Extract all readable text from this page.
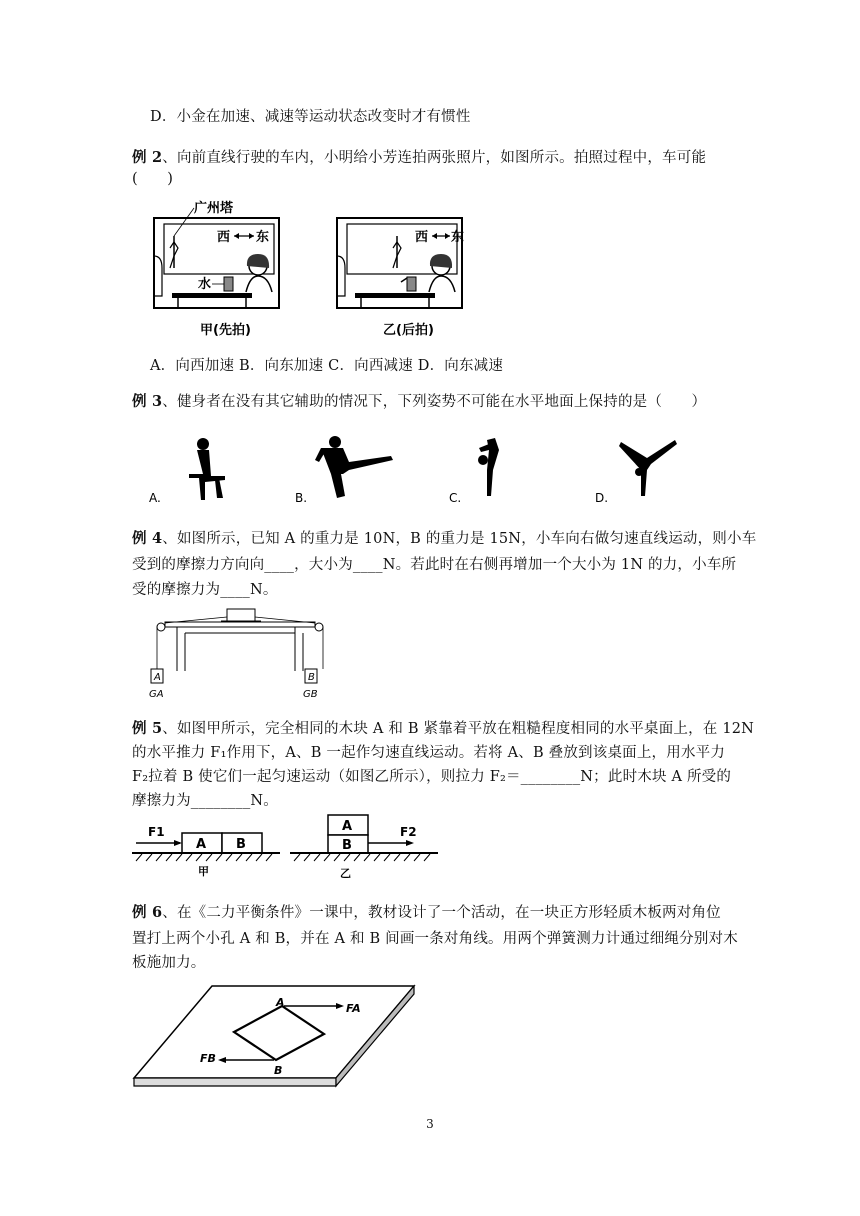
D．小金在加速、减速等运动状态改变时才有惯性
例 2、向前直线行驶的车内，小明给小芳连拍两张照片，如图所示。拍照过程中，车可能
(　　)
广州塔
西 东
水
甲(先拍)
西 东
乙(后拍)
A．向西加速 B．向东加速 C．向西减速 D．向东减速
例 3、健身者在没有其它辅助的情况下，下列姿势不可能在水平地面上保持的是（　　）
A.	B.	C.	D.
例 4、如图所示，已知 A 的重力是 10N，B 的重力是 15N，小车向右做匀速直线运动，则小车
受到的摩擦力方向向____，大小为____N。若此时在右侧再增加一个大小为 1N 的力，小车所
受的摩擦力为____N。
A
GA
B
GB
例 5、如图甲所示，完全相同的木块 A 和 B 紧靠着平放在粗糙程度相同的水平桌面上，在 12N
的水平推力 F₁作用下，A、B 一起作匀速直线运动。若将 A、B 叠放到该桌面上，用水平力
F₂拉着 B 使它们一起匀速运动（如图乙所示），则拉力 F₂＝________N；此时木块 A 所受的
摩擦力为________N。
F1
A B
甲
A
B
F2
乙
例 6、在《二力平衡条件》一课中，教材设计了一个活动，在一块正方形轻质木板两对角位
置打上两个小孔 A 和 B，并在 A 和 B 间画一条对角线。用两个弹簧测力计通过细绳分别对木
板施加力。
A	FA
B
FB
3
